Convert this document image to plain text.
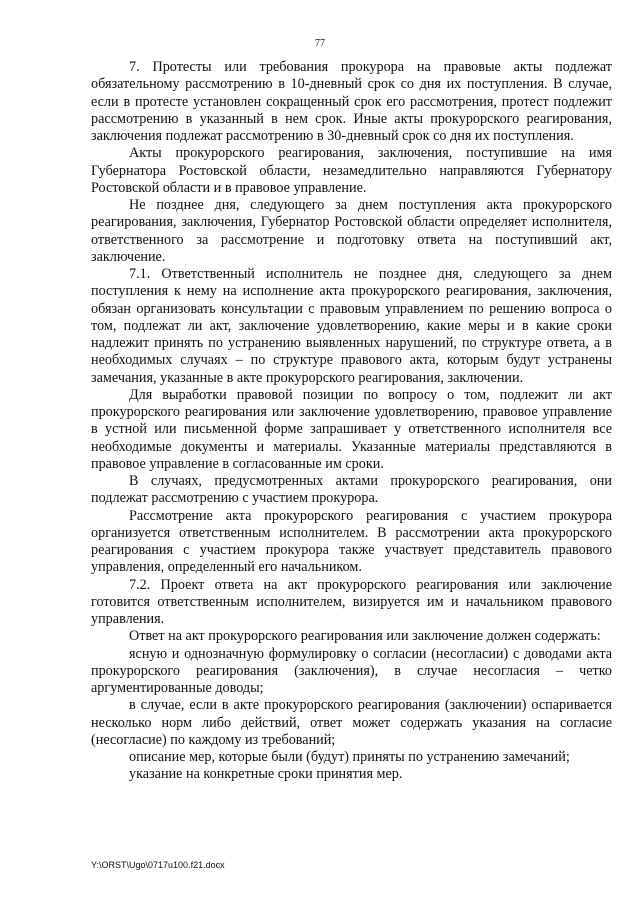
77

7. Протесты или требования прокурора на правовые акты подлежат обязательному рассмотрению в 10-дневный срок со дня их поступления. В случае, если в протесте установлен сокращенный срок его рассмотрения, протест подлежит рассмотрению в указанный в нем срок. Иные акты прокурорского реагирования, заключения подлежат рассмотрению в 30-дневный срок со дня их поступления.

Акты прокурорского реагирования, заключения, поступившие на имя Губернатора Ростовской области, незамедлительно направляются Губернатору Ростовской области и в правовое управление.

Не позднее дня, следующего за днем поступления акта прокурорского реагирования, заключения, Губернатор Ростовской области определяет исполнителя, ответственного за рассмотрение и подготовку ответа на поступивший акт, заключение.

7.1. Ответственный исполнитель не позднее дня, следующего за днем поступления к нему на исполнение акта прокурорского реагирования, заключения, обязан организовать консультации с правовым управлением по решению вопроса о том, подлежат ли акт, заключение удовлетворению, какие меры и в какие сроки надлежит принять по устранению выявленных нарушений, по структуре ответа, а в необходимых случаях – по структуре правового акта, которым будут устранены замечания, указанные в акте прокурорского реагирования, заключении.

Для выработки правовой позиции по вопросу о том, подлежит ли акт прокурорского реагирования или заключение удовлетворению, правовое управление в устной или письменной форме запрашивает у ответственного исполнителя все необходимые документы и материалы. Указанные материалы представляются в правовое управление в согласованные им сроки.

В случаях, предусмотренных актами прокурорского реагирования, они подлежат рассмотрению с участием прокурора.

Рассмотрение акта прокурорского реагирования с участием прокурора организуется ответственным исполнителем. В рассмотрении акта прокурорского реагирования с участием прокурора также участвует представитель правового управления, определенный его начальником.

7.2. Проект ответа на акт прокурорского реагирования или заключение готовится ответственным исполнителем, визируется им и начальником правового управления.

Ответ на акт прокурорского реагирования или заключение должен содержать:

ясную и однозначную формулировку о согласии (несогласии) с доводами акта прокурорского реагирования (заключения), в случае несогласия – четко аргументированные доводы;

в случае, если в акте прокурорского реагирования (заключении) оспаривается несколько норм либо действий, ответ может содержать указания на согласие (несогласие) по каждому из требований;

описание мер, которые были (будут) приняты по устранению замечаний;

указание на конкретные сроки принятия мер.

Y:\ORST\Ugo\0717u100.f21.docx
